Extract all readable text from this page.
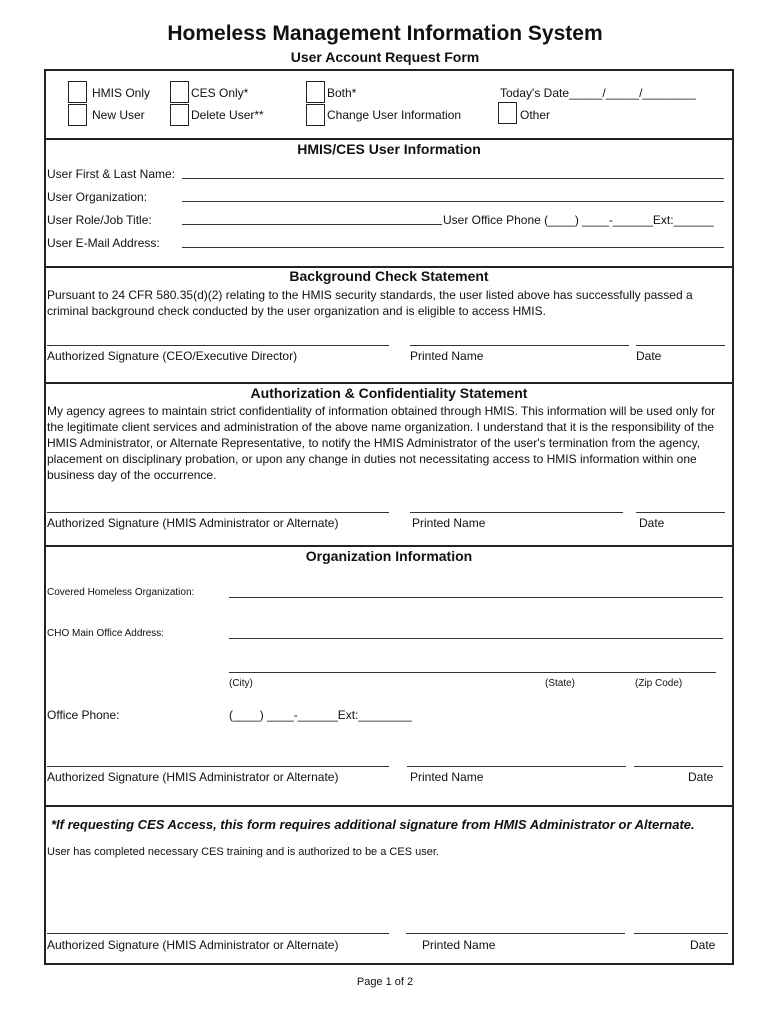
Homeless Management Information System
User Account Request Form
HMIS Only
New User
CES Only*
Delete User**
Both*
Change User Information
Today's Date_____/_____/________
Other
HMIS/CES User Information
User First & Last Name:
User Organization:
User Role/Job Title:	User Office Phone (____) ____-______Ext:______
User E-Mail Address:
Background Check Statement
Pursuant to 24 CFR 580.35(d)(2) relating to the HMIS security standards, the user listed above has successfully passed a criminal background check conducted by the user organization and is eligible to access HMIS.
Authorized Signature (CEO/Executive Director)	Printed Name	Date
Authorization & Confidentiality Statement
My agency agrees to maintain strict confidentiality of information obtained through HMIS. This information will be used only for the legitimate client services and administration of the above name organization. I understand that it is the responsibility of the HMIS Administrator, or Alternate Representative, to notify the HMIS Administrator of the user's termination from the agency, placement on disciplinary probation, or upon any change in duties not necessitating access to HMIS information within one business day of the occurrence.
Authorized Signature (HMIS Administrator or Alternate)	Printed Name	Date
Organization Information
Covered Homeless Organization:
CHO Main Office Address:
(City)	(State)	(Zip Code)
Office Phone:	(____) ____-______Ext:________
Authorized Signature (HMIS Administrator or Alternate)	Printed Name	Date
*If requesting CES Access, this form requires additional signature from HMIS Administrator or Alternate.
User has completed necessary CES training and is authorized to be a CES user.
Authorized Signature (HMIS Administrator or Alternate)	Printed Name	Date
Page 1 of 2
